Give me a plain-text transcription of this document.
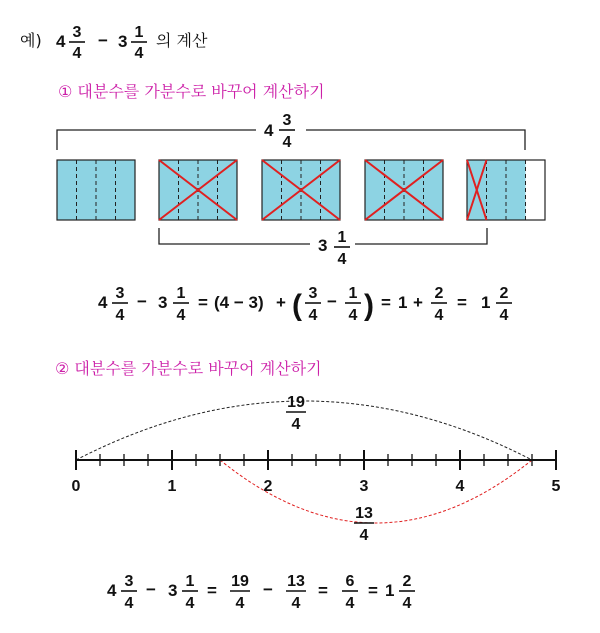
예) 4 3
4
− 3 1
4
의 계산
① 대분수를 가분수로 바꾸어 계산하기
4
3
4
3 1
4
4 3
4
− 3 1
4
= (4 − 3) + ( 3
4
− 1
4 ) = 1 + 2
4
= 1 2
4
② 대분수를 가분수로 바꾸어 계산하기
0	1	2	3	4	5
19
4
13
4
4 3
4
− 3 1
4
= 19
4
− 13
4
= 6
4
= 1 2
4
